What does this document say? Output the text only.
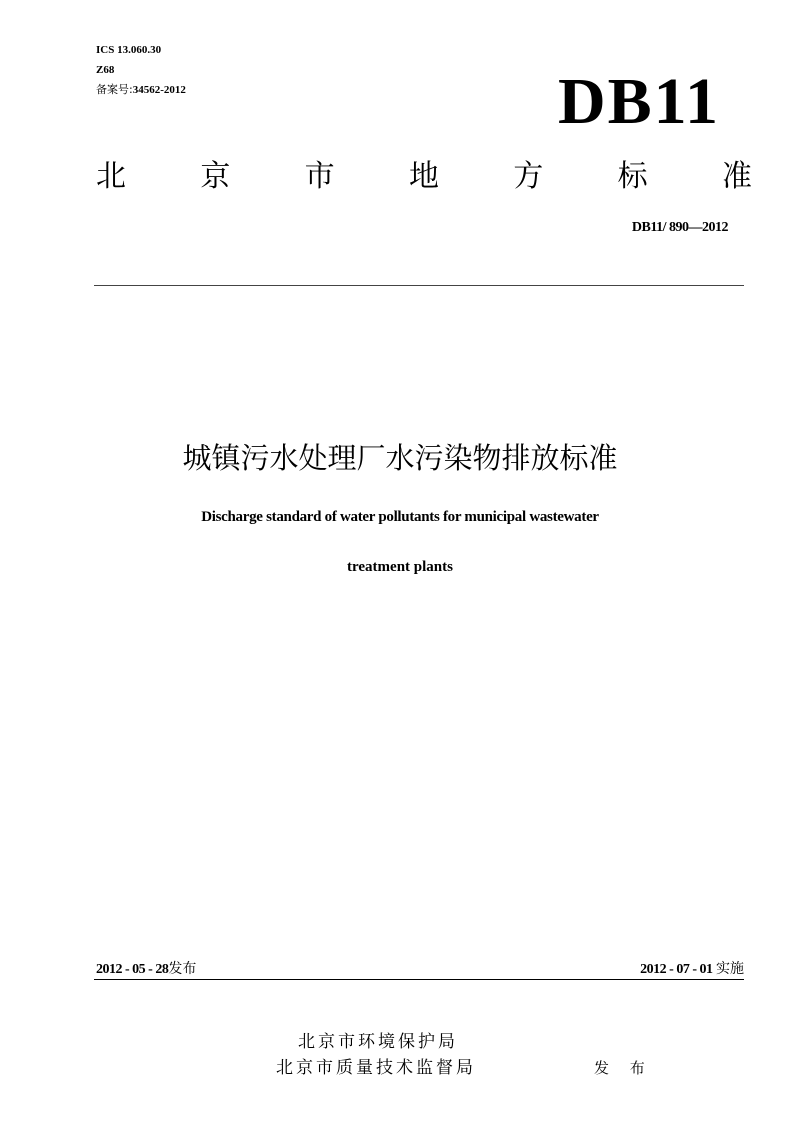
ICS 13.060.30
Z68
备案号:34562-2012	DB11
北 京 市 地 方 标 准
DB11/ 890—2012
城镇污水处理厂水污染物排放标准
Discharge standard of water pollutants for municipal wastewater
treatment plants
2012 - 05 - 28发布	2012 - 07 - 01 实施
北京市环境保护局
北京市质量技术监督局	发 布
